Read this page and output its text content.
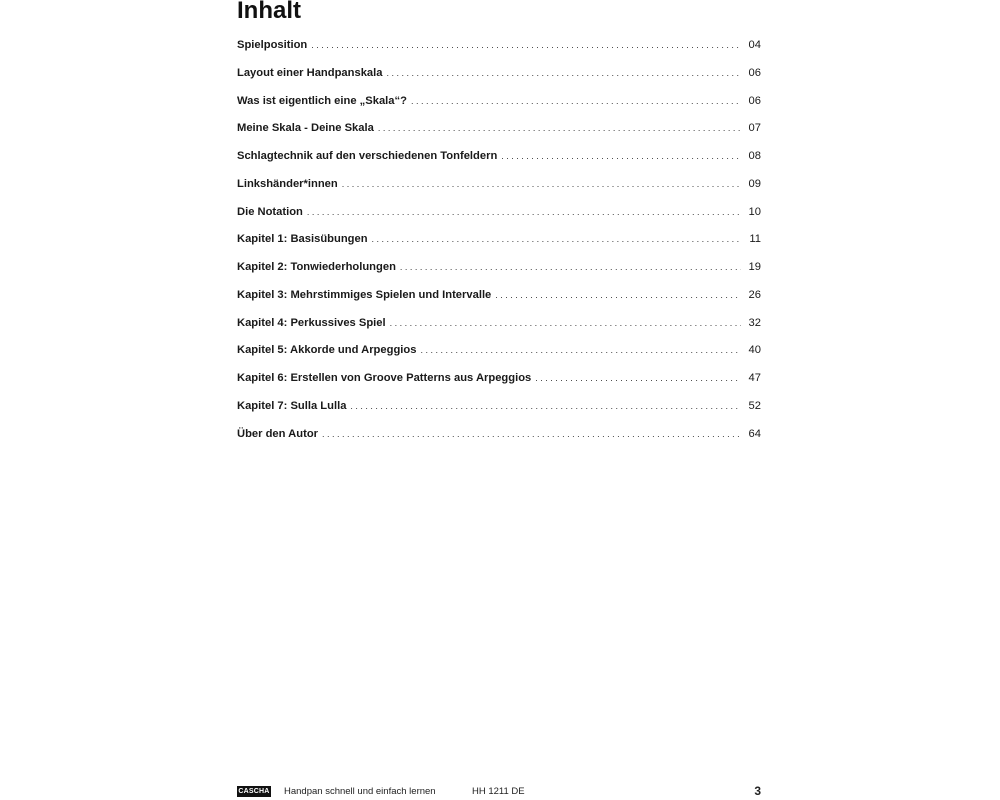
Inhalt
Spielposition . . .	04
Layout einer Handpanskala . . .	06
Was ist eigentlich eine „Skala“? . . .	06
Meine Skala - Deine Skala . . .	07
Schlagtechnik auf den verschiedenen Tonfeldern . . .	08
Linkshänder*innen . . .	09
Die Notation . . .	10
Kapitel 1: Basisübungen . . .	11
Kapitel 2: Tonwiederholungen . . .	19
Kapitel 3: Mehrstimmiges Spielen und Intervalle . . .	26
Kapitel 4: Perkussives Spiel . . .	32
Kapitel 5: Akkorde und Arpeggios . . .	40
Kapitel 6: Erstellen von Groove Patterns aus Arpeggios . . .	47
Kapitel 7: Sulla Lulla . . .	52
Über den Autor . . .	64
CASCHA Handpan schnell und einfach lernen	HH 1211 DE	3
